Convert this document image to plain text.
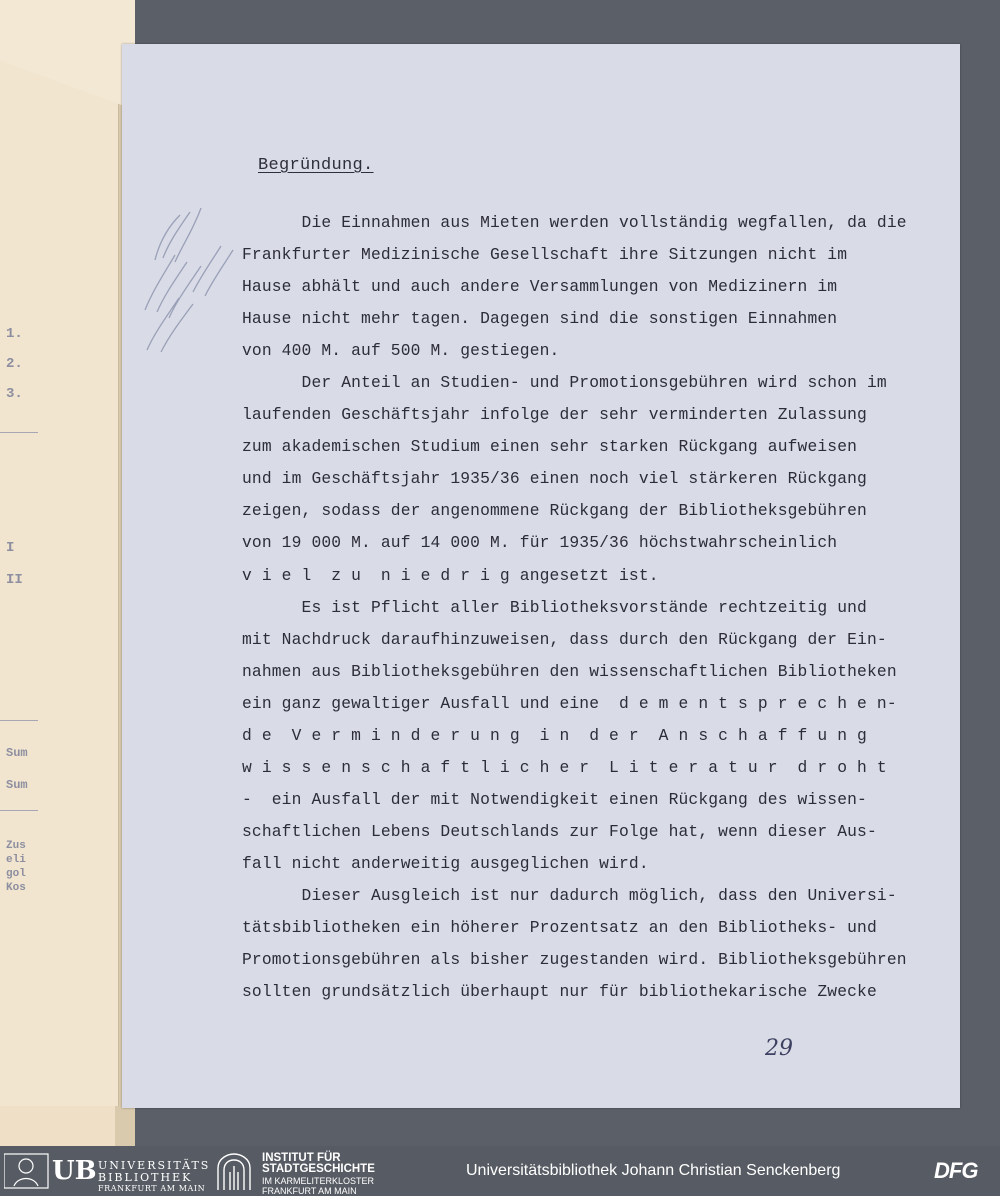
1.
2.
3.
I
II
Sum
Sum
Zus
eli
gol
Kos
Begründung.
Die Einnahmen aus Mieten werden vollständig wegfallen, da die
Frankfurter Medizinische Gesellschaft ihre Sitzungen nicht im
Hause abhält und auch andere Versammlungen von Medizinern im
Hause nicht mehr tagen. Dagegen sind die sonstigen Einnahmen
von 400 M. auf 500 M. gestiegen.
Der Anteil an Studien- und Promotionsgebühren wird schon im
laufenden Geschäftsjahr infolge der sehr verminderten Zulassung
zum akademischen Studium einen sehr starken Rückgang aufweisen
und im Geschäftsjahr 1935/36 einen noch viel stärkeren Rückgang
zeigen, sodass der angenommene Rückgang der Bibliotheksgebühren
von 19 000 M. auf 14 000 M. für 1935/36 höchstwahrscheinlich
v i e l  z u  n i e d r i g angesetzt ist.
Es ist Pflicht aller Bibliotheksvorstände rechtzeitig und
mit Nachdruck daraufhinzuweisen, dass durch den Rückgang der Ein-
nahmen aus Bibliotheksgebühren den wissenschaftlichen Bibliotheken
ein ganz gewaltiger Ausfall und eine  d e m e n t s p r e c h e n-
d e  V e r m i n d e r u n g  i n  d e r  A n s c h a f f u n g
w i s s e n s c h a f t l i c h e r  L i t e r a t u r  d r o h t
-  ein Ausfall der mit Notwendigkeit einen Rückgang des wissen-
schaftlichen Lebens Deutschlands zur Folge hat, wenn dieser Aus-
fall nicht anderweitig ausgeglichen wird.
Dieser Ausgleich ist nur dadurch möglich, dass den Universi-
tätsbibliotheken ein höherer Prozentsatz an den Bibliotheks- und
Promotionsgebühren als bisher zugestanden wird. Bibliotheksgebühren
sollten grundsätzlich überhaupt nur für bibliothekarische Zwecke
29
UB UNIVERSITÄTS
BIBLIOTHEK
FRANKFURT AM MAIN
INSTITUT FÜR
STADTGESCHICHTE
IM KARMELITERKLOSTER
FRANKFURT AM MAIN
Universitätsbibliothek Johann Christian Senckenberg	DFG
